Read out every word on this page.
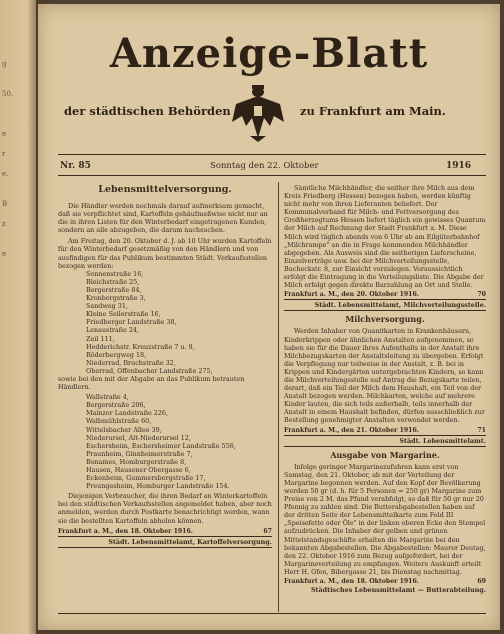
g
50.
e
r
e.
B
z
e
Anzeige-Blatt
der städtischen Behörden	zu Frankfurt am Main.
Nr. 85	Sonntag den 22. Oktober	1916

Lebensmittelversorgung.

Die Händler werden nochmals darauf aufmerksam gemacht, daß sie verpflichtet sind, Kartoffeln gehäufmeßwise nicht nur an die in ihren Listen für den Winterbedarf eingetragenen Kunden, sondern an alle abzugeben, die darum nachsuchen.

Am Freitag, den 20. Oktober d. J. ab 10 Uhr wurden Kartoffeln für den Winterbedarf gesetzmäßig von den Händlern und von ausfindigen für das Publikum bestimmten Städt. Verkaufsstellen bezogen werden:

Sonnenstraße 16,

Bleichstraße 25,

Bergerstraße 84,

Kronbergstraße 3,

Sandweg 31,

Kleine Seilerstraße 16,

Friedberger Landstraße 38,

Lenaustraße 24,

Zeil 111,

Hedderichstr. Kreuzstraße 7 u. 9,

Röderbergweg 18,

Niederrad, Bruchstraße 32,

Oberrad, Offenbacher Landstraße 275,

sowie bei den mit der Abgabe an das Publikum betrauten Händlern.

Wallstraße 4,

Bergerstraße 206,

Mainzer Landstraße 226,

Walbmühlstraße 60,

Wittelsbacher Allee 39,

Niederursel, Alt-Niederursel 12,

Eschersheim, Eschersheimer Landstraße 556,

Praunheim, Ginnheimerstraße 7,

Bonames, Homburgerstraße 8,

Hausen, Hausener Obergasse 6,

Eckenheim, Gummersbergstraße 17,

Preungesheim, Homburger Landstraße 154.

Diejenigen Verbraucher, die ihren Bedarf an Winterkartoffeln bei den städtischen Verkaufsstellen angemeldet haben, aber noch anmelden, werden durch Postkarte benachrichtigt werden, wann sie die bestellten Kartoffeln abholen können.

Frankfurt a. M., den 18. Oktober 1916.	67

Städt. Lebensmittelamt, Kartoffelversorgung.

Sämtliche Milchhändler, die seither ihre Milch aus dem Kreis Friedberg (Hessen) bezogen haben, werden künftig nicht mehr von ihren Lieferanten beliefert. Der Kommunalverband für Milch- und Fettversorgung des Großherzogtums Hessen liefert täglich ein gewisses Quantum der Milch auf Rechnung der Stadt Frankfurt a. M. Diese Milch wird täglich abends von 6 Uhr ab am Eilgüterbahnhof „Milchrampe" an die in Frage kommenden Milchhändler abgegeben. Als Ausweis sind die seitherigen Lieferscheine, Einzelverträge usw. bei der Milchverteilungsstelle, Bucheckstr. 8, zur Einsicht vorzulegen. Voraussichtlich erfolgt die Eintragung in die Verteilungsliste. Die Abgabe der Milch erfolgt gegen direkte Barzahlung an Ort und Stelle.

Frankfurt a. M., den 20. Oktober 1916.	70

Städt. Lebensmittelamt, Milchverteilungsstelle.

Milchversorgung.

Werden Inhaber von Quanitkarten in Krankenhäusern, Kinderkrippen oder ähnlichen Anstalten aufgenommen, so haben sie für die Dauer ihres Aufenthalts in der Anstalt ihre Milchbezugskarten der Anstaltsleitung zu übergeben. Erfolgt die Verpflegung nur teilweise in der Anstalt, z. B. bei in Krippen und Kindergärten untergebrachten Kindern, so kann die Milchverteilungsstelle auf Antrag die Bezugskarte teilen, derart, daß ein Teil der Milch dem Haushalt, ein Teil von der Anstalt bezogen werden. Milchkarten, welche auf mehrere Kinder lauten, die sich teils außerhalb, teils innerhalb der Anstalt in einem Haushalt befinden, dürfen ausschließlich zur Bestellung genehmigter Anstalten verwendet werden.

Frankfurt a. M., den 21. Oktober 1916.	71

Städt. Lebensmittelamt.

Ausgabe von Margarine.

Infolge geringer Margarinezufuhren kann erst von Samstag, den 21. Oktober, ab mit der Verteilung der Margarine begonnen werden. Auf den Kopf der Bevölkerung werden 50 gr (d. h. für 5 Personen = 250 gr) Margarine zum Preise von 2 M. das Pfund verabfolgt, so daß für 50 gr nur 20 Pfennig zu zahlen sind. Die Butterabgabestellen haben auf der dritten Seite der Lebensmittelkarte zum Feld III „Speisefette oder Öle" in der linken oberen Ecke den Stempel aufzudrücken. Die Inhaber der gelben und grünen Mittelstandsgeschäfte erhalten die Margarine bei den bekannten Abgabestellen. Die Abgabestellen: Maurer Deutag, den 22. Oktober 1916 zum Bezug aufgefordert, bei der Margarineverteilung zu empfangen. Weitere Auskunft erteilt Herr H. Ofen, Bibergasse 21, bis Dienstag nachmittag.

Frankfurt a. M., den 18. Oktober 1916.	69

Städtisches Lebensmittelamt — Butterabteilung.
